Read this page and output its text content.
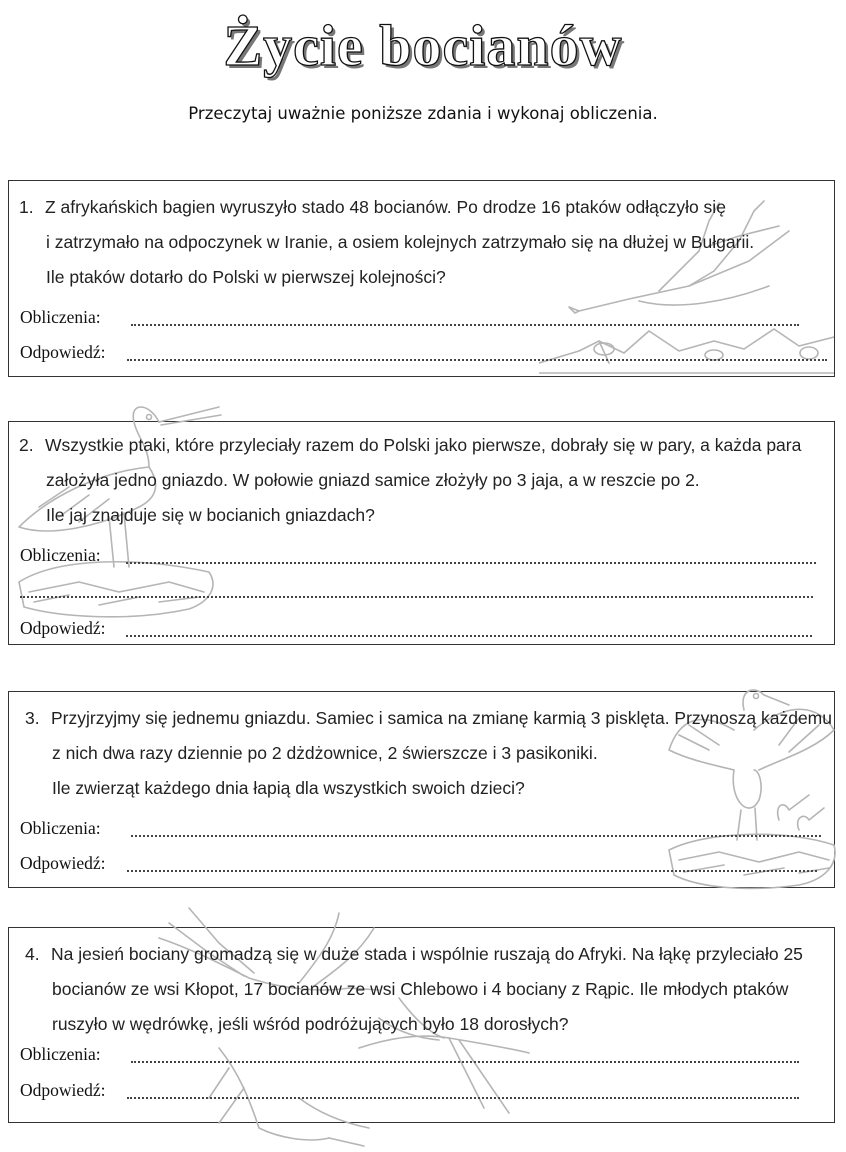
Życie bocianów
Przeczytaj uważnie poniższe zdania i wykonaj obliczenia.
1. Z afrykańskich bagien wyruszyło stado 48 bocianów. Po drodze 16 ptaków odłączyło się
i zatrzymało na odpoczynek w Iranie, a osiem kolejnych zatrzymało się na dłużej w Bułgarii.
Ile ptaków dotarło do Polski w pierwszej kolejności?
Obliczenia:
Odpowiedź:
2. Wszystkie ptaki, które przyleciały razem do Polski jako pierwsze, dobrały się w pary, a każda para
założyła jedno gniazdo. W połowie gniazd samice złożyły po 3 jaja, a w reszcie po 2.
Ile jaj znajduje się w bocianich gniazdach?
Obliczenia:
Odpowiedź:
3. Przyjrzyjmy się jednemu gniazdu. Samiec i samica na zmianę karmią 3 pisklęta. Przynoszą każdemu
z nich dwa razy dziennie po 2 dżdżownice, 2 świerszcze i 3 pasikoniki.
Ile zwierząt każdego dnia łapią dla wszystkich swoich dzieci?
Obliczenia:
Odpowiedź:
4. Na jesień bociany gromadzą się w duże stada i wspólnie ruszają do Afryki. Na łąkę przyleciało 25
bocianów ze wsi Kłopot, 17 bocianów ze wsi Chlebowo i 4 bociany z Rąpic. Ile młodych ptaków
ruszyło w wędrówkę, jeśli wśród podróżujących było 18 dorosłych?
Obliczenia:
Odpowiedź:
